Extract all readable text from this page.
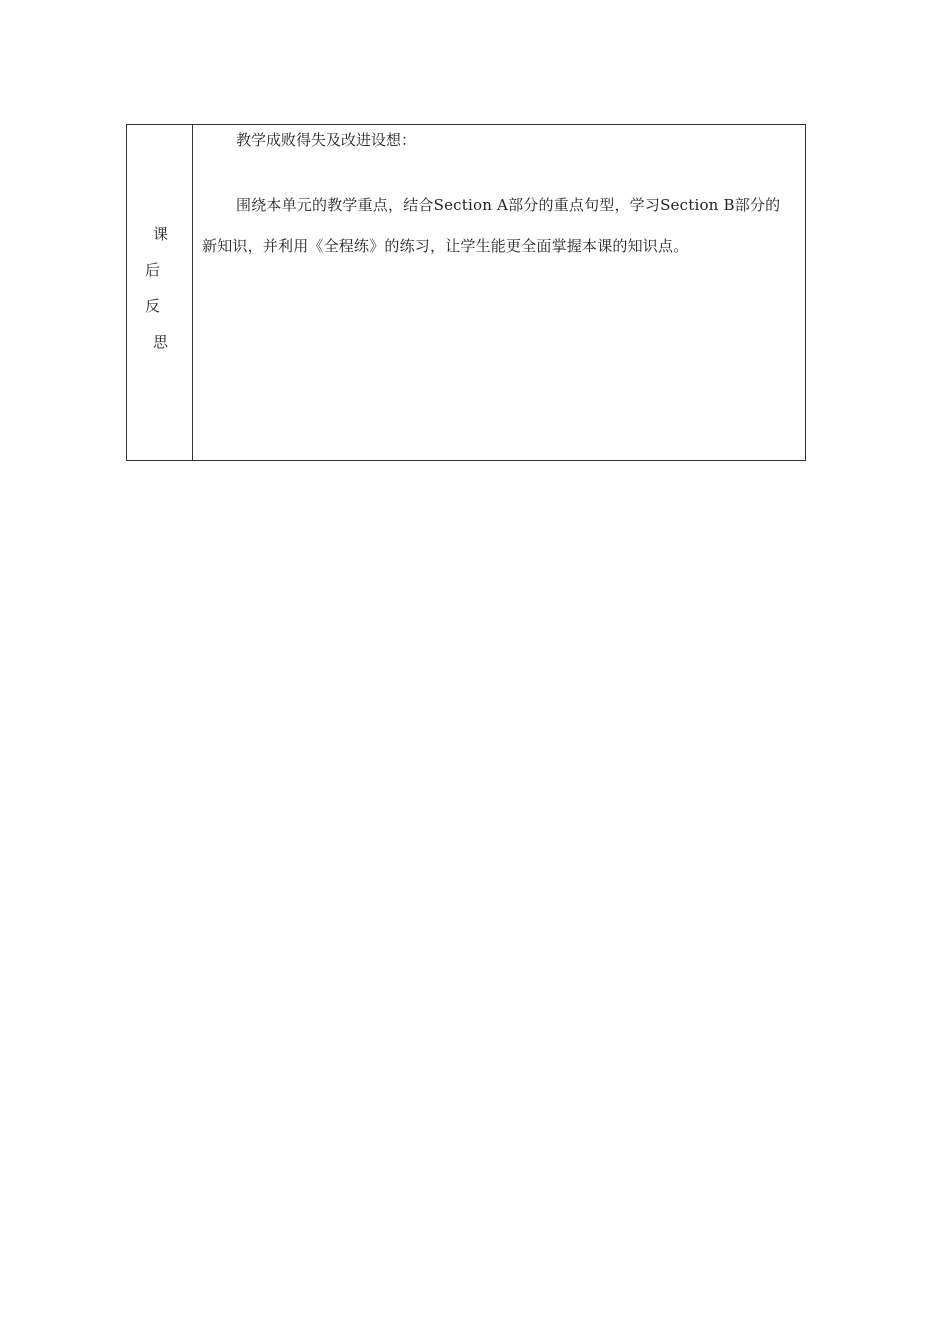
课
后
反
思
教学成败得失及改进设想：
围绕本单元的教学重点，结合Section A部分的重点句型，学习Section B部分的新知识，并利用《全程练》的练习，让学生能更全面掌握本课的知识点。
